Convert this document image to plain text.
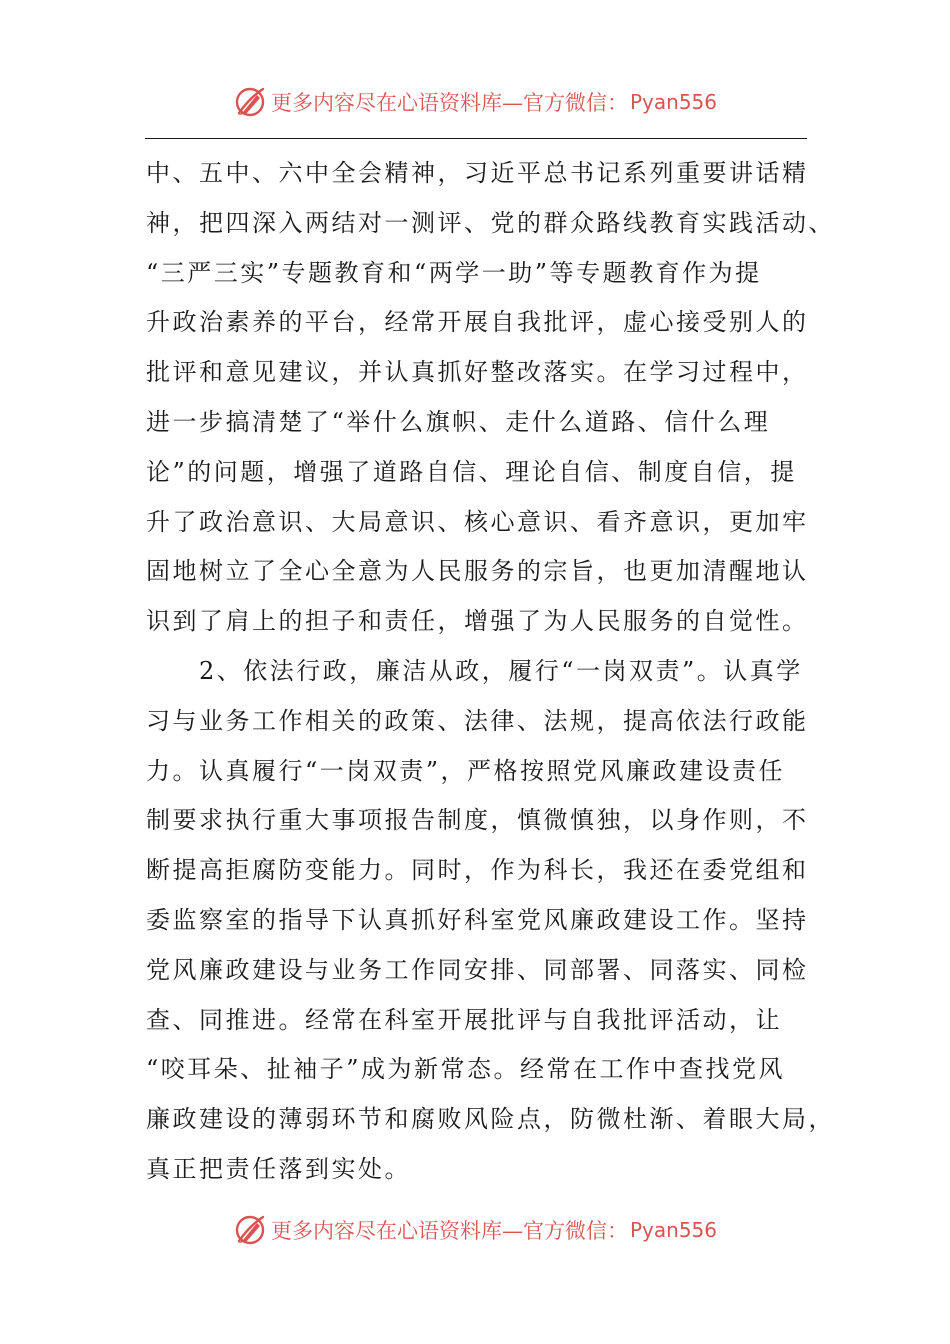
更多内容尽在心语资料库—官方微信： Pyan556
中、五中、六中全会精神，习近平总书记系列重要讲话精
神，把四深入两结对一测评、党的群众路线教育实践活动、
“三严三实”专题教育和“两学一助”等专题教育作为提
升政治素养的平台，经常开展自我批评，虚心接受别人的
批评和意见建议，并认真抓好整改落实。在学习过程中，
进一步搞清楚了“举什么旗帜、走什么道路、信什么理
论”的问题，增强了道路自信、理论自信、制度自信，提
升了政治意识、大局意识、核心意识、看齐意识，更加牢
固地树立了全心全意为人民服务的宗旨，也更加清醒地认
识到了肩上的担子和责任，增强了为人民服务的自觉性。
　　2、依法行政，廉洁从政，履行“一岗双责”。认真学
习与业务工作相关的政策、法律、法规，提高依法行政能
力。认真履行“一岗双责”，严格按照党风廉政建设责任
制要求执行重大事项报告制度，慎微慎独，以身作则，不
断提高拒腐防变能力。同时，作为科长，我还在委党组和
委监察室的指导下认真抓好科室党风廉政建设工作。坚持
党风廉政建设与业务工作同安排、同部署、同落实、同检
查、同推进。经常在科室开展批评与自我批评活动，让
“咬耳朵、扯袖子”成为新常态。经常在工作中查找党风
廉政建设的薄弱环节和腐败风险点，防微杜渐、着眼大局，
真正把责任落到实处。
更多内容尽在心语资料库—官方微信： Pyan556
